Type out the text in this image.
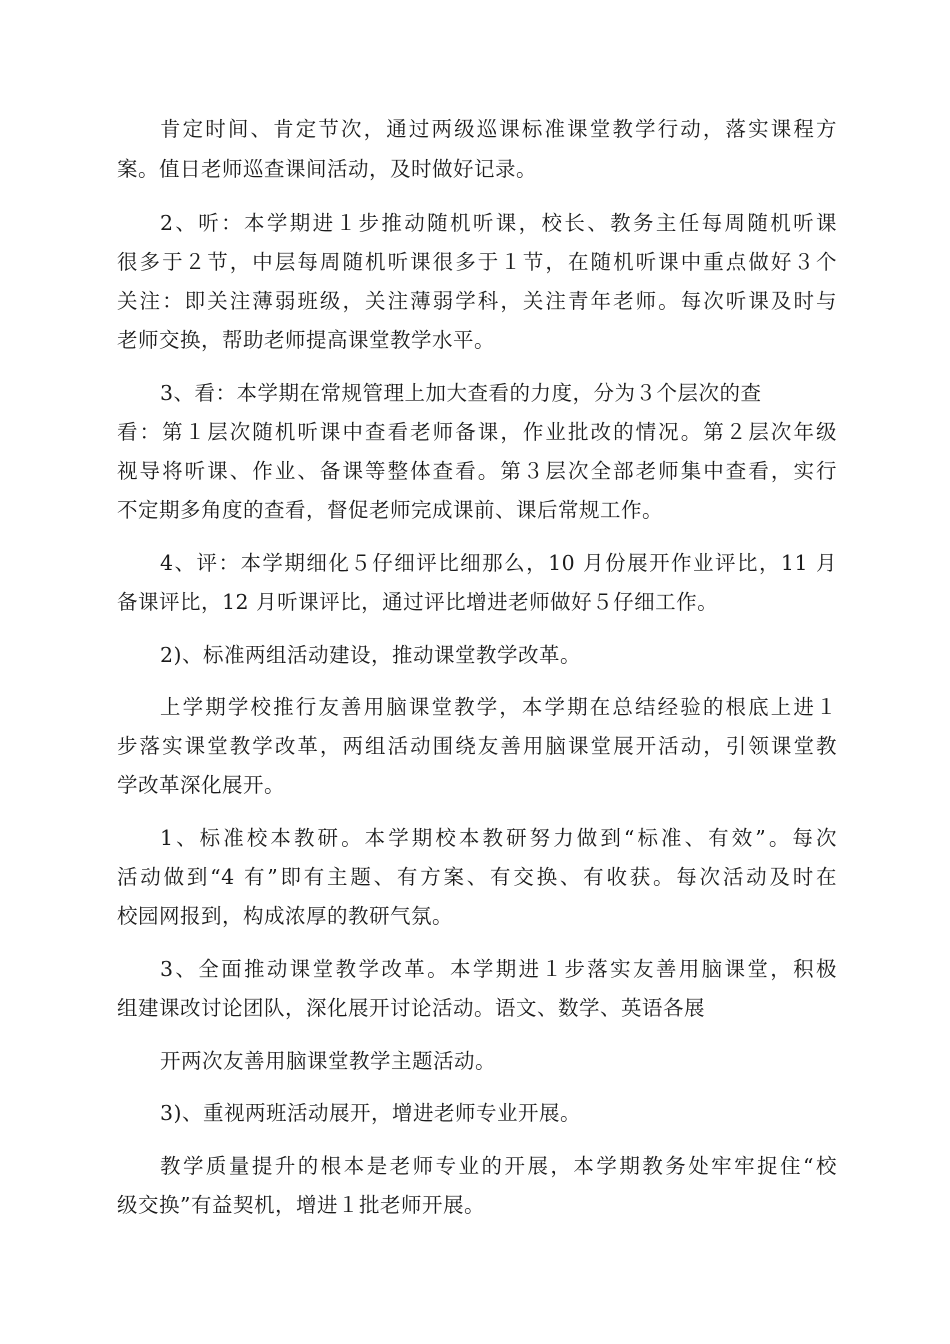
肯定时间、肯定节次，通过两级巡课标准课堂教学行动，落实课程方
案。值日老师巡查课间活动，及时做好记录。
2、听：本学期进１步推动随机听课，校长、教务主任每周随机听课
很多于２节，中层每周随机听课很多于１节，在随机听课中重点做好３个
关注：即关注薄弱班级，关注薄弱学科，关注青年老师。每次听课及时与
老师交换，帮助老师提高课堂教学水平。
3、看：本学期在常规管理上加大查看的力度，分为３个层次的查
看：第１层次随机听课中查看老师备课，作业批改的情况。第２层次年级
视导将听课、作业、备课等整体查看。第３层次全部老师集中查看，实行
不定期多角度的查看，督促老师完成课前、课后常规工作。
4、评：本学期细化５仔细评比细那么，10 月份展开作业评比，11 月
备课评比，12 月听课评比，通过评比增进老师做好５仔细工作。
2)、标准两组活动建设，推动课堂教学改革。
上学期学校推行友善用脑课堂教学，本学期在总结经验的根底上进１
步落实课堂教学改革，两组活动围绕友善用脑课堂展开活动，引领课堂教
学改革深化展开。
1、标准校本教研。本学期校本教研努力做到“标准、有效”。每次
活动做到“4 有”即有主题、有方案、有交换、有收获。每次活动及时在
校园网报到，构成浓厚的教研气氛。
3、全面推动课堂教学改革。本学期进１步落实友善用脑课堂，积极
组建课改讨论团队，深化展开讨论活动。语文、数学、英语各展
开两次友善用脑课堂教学主题活动。
3)、重视两班活动展开，增进老师专业开展。
教学质量提升的根本是老师专业的开展，本学期教务处牢牢捉住“校
级交换”有益契机，增进１批老师开展。
